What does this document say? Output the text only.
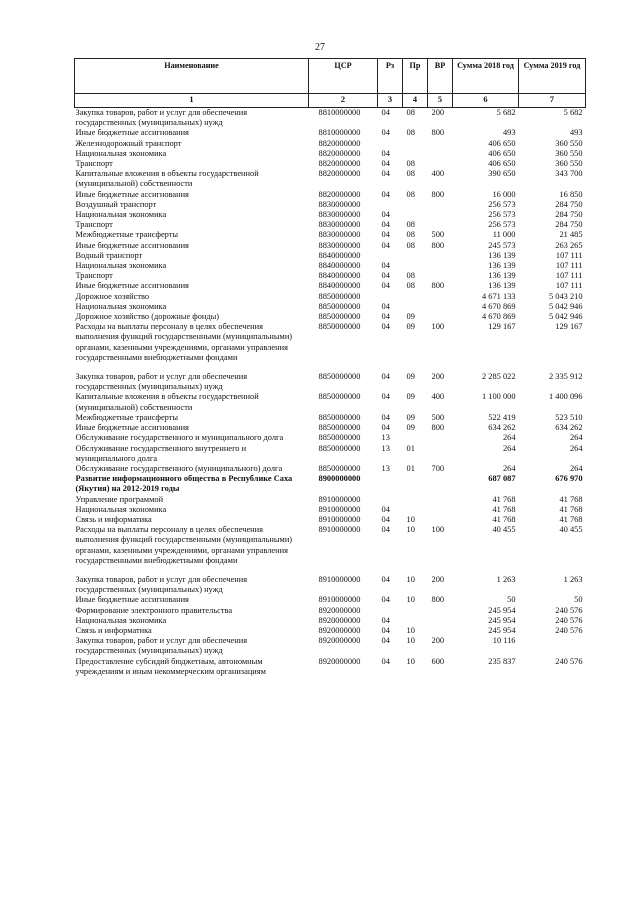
27
Наименование	ЦСР	Рз	Пр	ВР	Сумма 2018 год	Сумма 2019 год
1	2	3	4	5	6	7
Закупка товаров, работ и услуг для обеспечения государственных (муниципальных) нужд	8810000000	04	08	200	5 682	5 682
Иные бюджетные ассигнования	8810000000	04	08	800	493	493
Железнодорожный транспорт	8820000000				406 650	360 550
Национальная экономика	8820000000	04			406 650	360 550
Транспорт	8820000000	04	08		406 650	360 550
Капитальные вложения в объекты государственной (муниципальной) собственности	8820000000	04	08	400	390 650	343 700
Иные бюджетные ассигнования	8820000000	04	08	800	16 000	16 850
Воздушный транспорт	8830000000				256 573	284 750
Национальная экономика	8830000000	04			256 573	284 750
Транспорт	8830000000	04	08		256 573	284 750
Межбюджетные трансферты	8830000000	04	08	500	11 000	21 485
Иные бюджетные ассигнования	8830000000	04	08	800	245 573	263 265
Водный транспорт	8840000000				136 139	107 111
Национальная экономика	8840000000	04			136 139	107 111
Транспорт	8840000000	04	08		136 139	107 111
Иные бюджетные ассигнования	8840000000	04	08	800	136 139	107 111
Дорожное хозяйство	8850000000				4 671 133	5 043 210
Национальная экономика	8850000000	04			4 670 869	5 042 946
Дорожное хозяйство (дорожные фонды)	8850000000	04	09		4 670 869	5 042 946
Расходы на выплаты персоналу в целях обеспечения выполнения функций государственными (муниципальными) органами, казенными учреждениями, органами управления государственными внебюджетными фондами	8850000000	04	09	100	129 167	129 167
Закупка товаров, работ и услуг для обеспечения государственных (муниципальных) нужд	8850000000	04	09	200	2 285 022	2 335 912
Капитальные вложения в объекты государственной (муниципальной) собственности	8850000000	04	09	400	1 100 000	1 400 096
Межбюджетные трансферты	8850000000	04	09	500	522 419	523 510
Иные бюджетные ассигнования	8850000000	04	09	800	634 262	634 262
Обслуживание государственного и муниципального долга	8850000000	13			264	264
Обслуживание государственного внутреннего и муниципального долга	8850000000	13	01		264	264
Обслуживание государственного (муниципального) долга	8850000000	13	01	700	264	264
Развитие информационного общества в Республике Саха (Якутия) на 2012-2019 годы	8900000000				687 087	676 970
Управление программой	8910000000				41 768	41 768
Национальная экономика	8910000000	04			41 768	41 768
Связь и информатика	8910000000	04	10		41 768	41 768
Расходы на выплаты персоналу в целях обеспечения выполнения функций государственными (муниципальными) органами, казенными учреждениями, органами управления государственными внебюджетными фондами	8910000000	04	10	100	40 455	40 455
Закупка товаров, работ и услуг для обеспечения государственных (муниципальных) нужд	8910000000	04	10	200	1 263	1 263
Иные бюджетные ассигнования	8910000000	04	10	800	50	50
Формирование электронного правительства	8920000000				245 954	240 576
Национальная экономика	8920000000	04			245 954	240 576
Связь и информатика	8920000000	04	10		245 954	240 576
Закупка товаров, работ и услуг для обеспечения государственных (муниципальных) нужд	8920000000	04	10	200	10 116	
Предоставление субсидий бюджетным, автономным учреждениям и иным некоммерческим организациям	8920000000	04	10	600	235 837	240 576
